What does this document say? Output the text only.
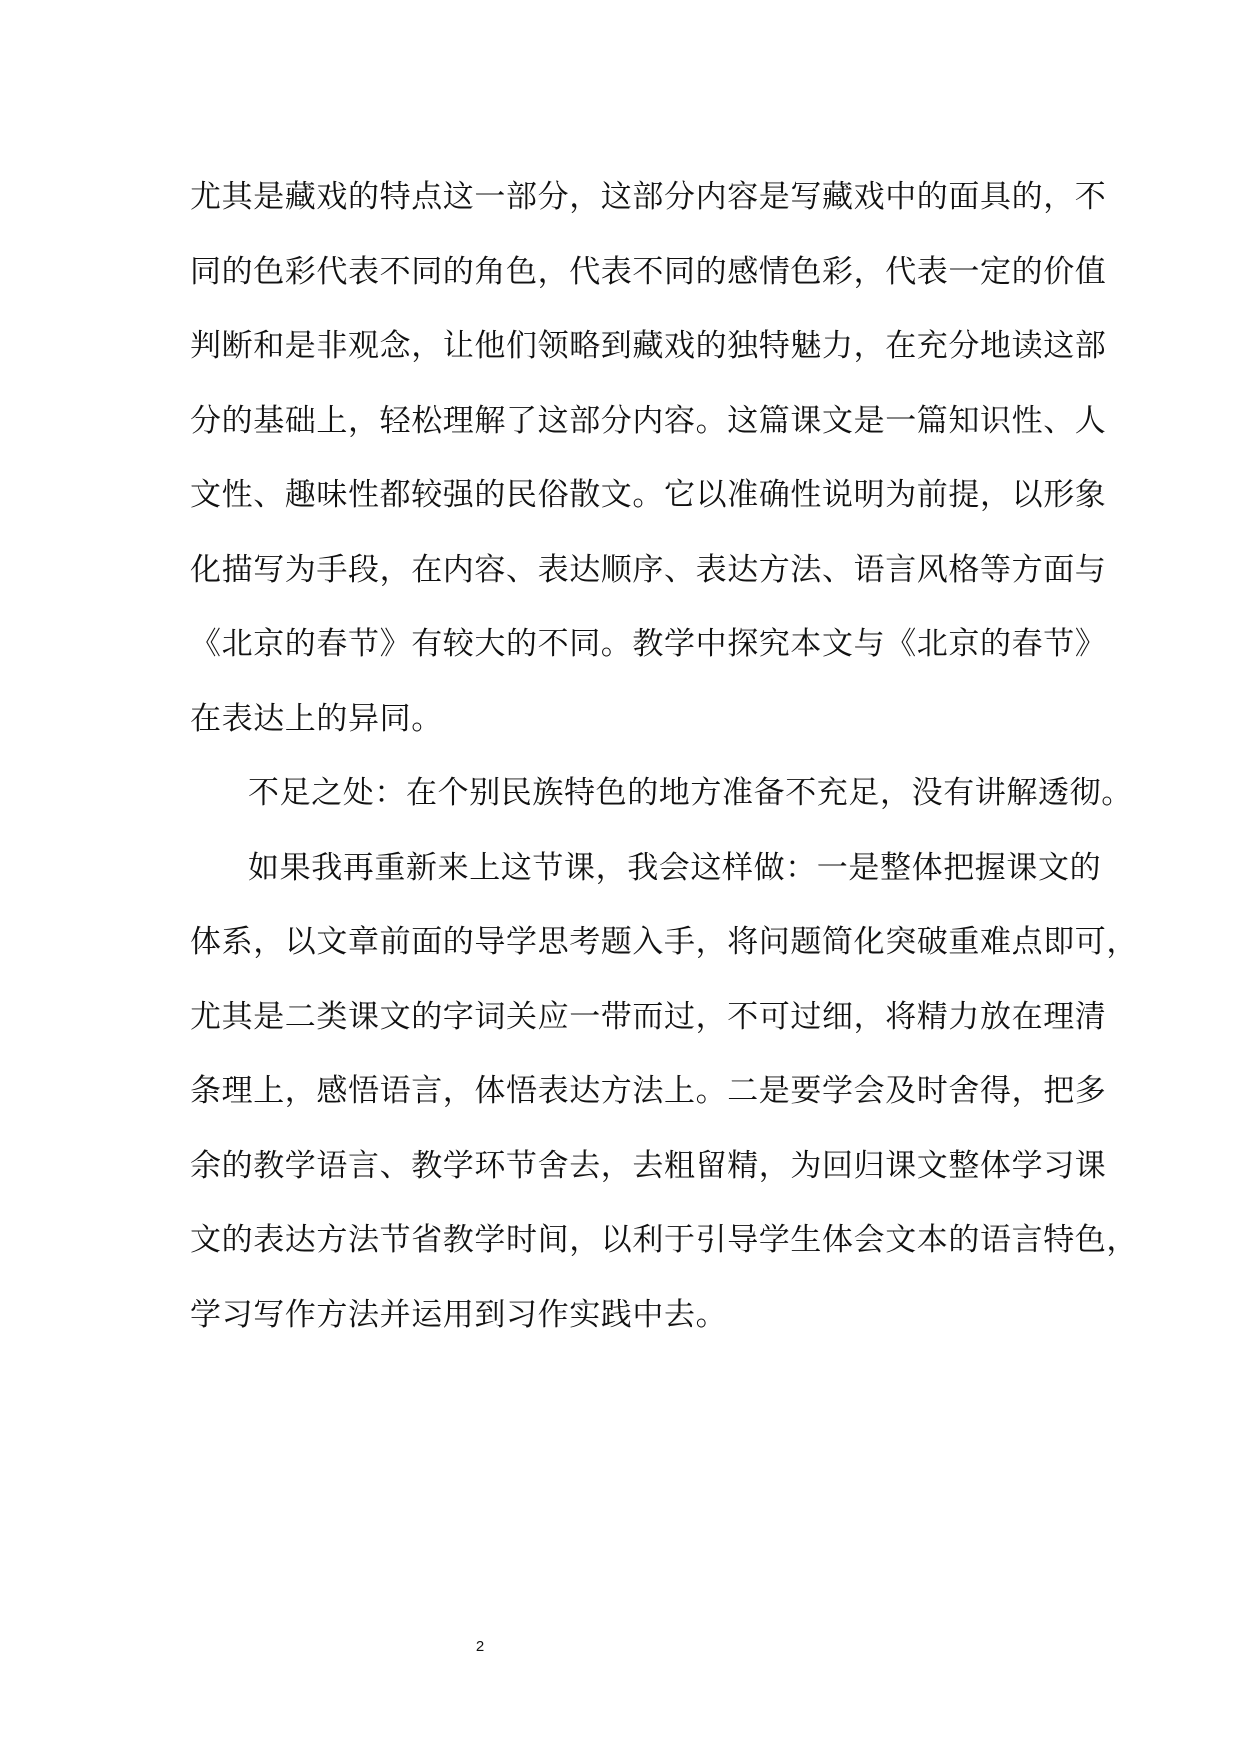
尤其是藏戏的特点这一部分，这部分内容是写藏戏中的面具的，不
同的色彩代表不同的角色，代表不同的感情色彩，代表一定的价值
判断和是非观念，让他们领略到藏戏的独特魅力，在充分地读这部
分的基础上，轻松理解了这部分内容。这篇课文是一篇知识性、人
文性、趣味性都较强的民俗散文。它以准确性说明为前提，以形象
化描写为手段，在内容、表达顺序、表达方法、语言风格等方面与
《北京的春节》有较大的不同。教学中探究本文与《北京的春节》
在表达上的异同。
不足之处：在个别民族特色的地方准备不充足，没有讲解透彻。
如果我再重新来上这节课，我会这样做：一是整体把握课文的
体系，以文章前面的导学思考题入手，将问题简化突破重难点即可，
尤其是二类课文的字词关应一带而过，不可过细，将精力放在理清
条理上，感悟语言，体悟表达方法上。二是要学会及时舍得，把多
余的教学语言、教学环节舍去，去粗留精，为回归课文整体学习课
文的表达方法节省教学时间，以利于引导学生体会文本的语言特色，
学习写作方法并运用到习作实践中去。
2
